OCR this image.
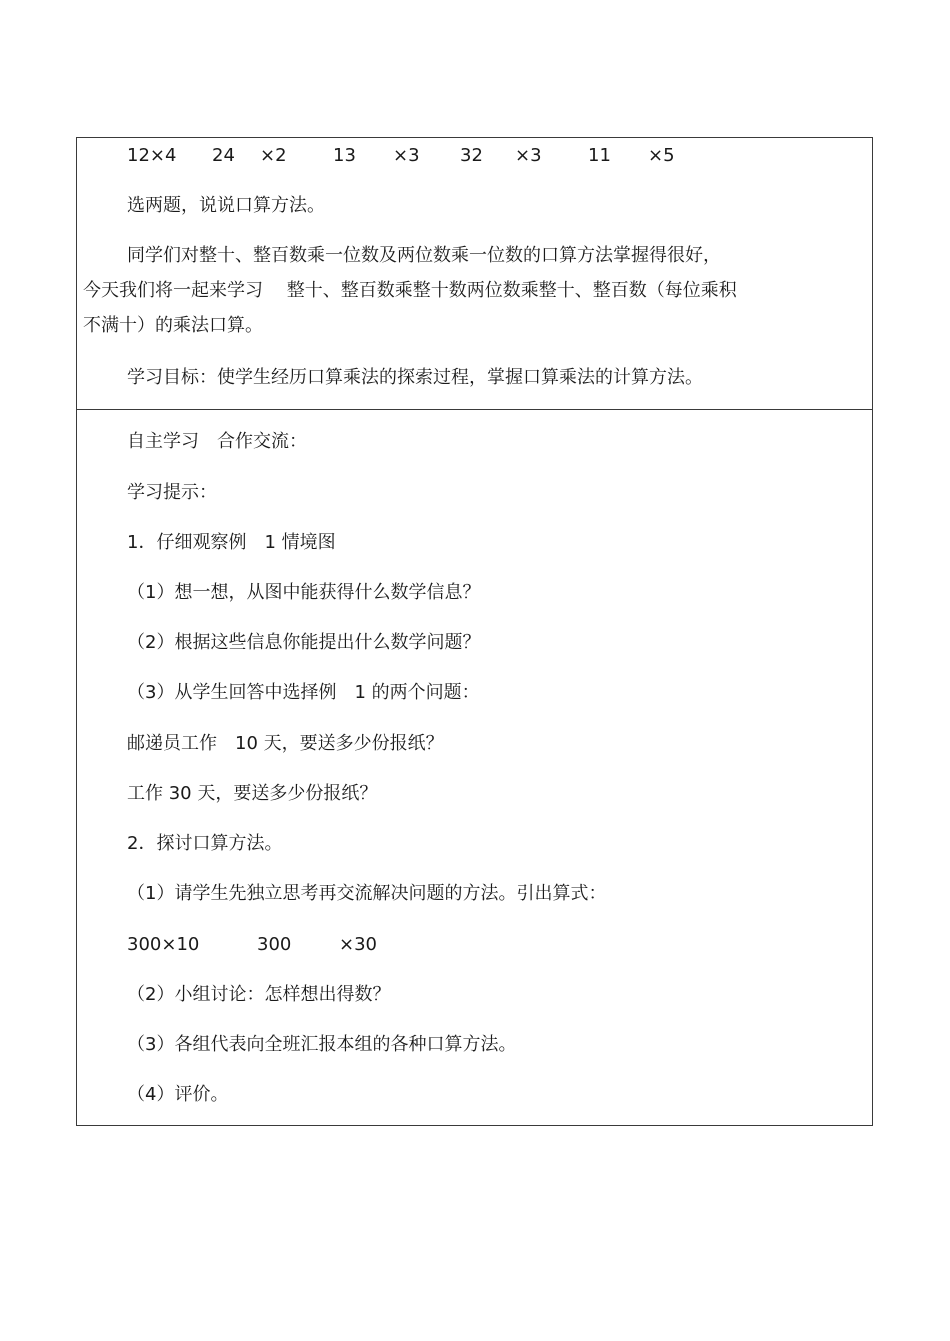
12×4

24

×2

	13

×3

32

×3

	11

×5

选两题，说说口算方法。

同学们对整十、整百数乘一位数及两位数乘一位数的口算方法掌握得很好，

今天我们将一起来学习　 整十、整百数乘整十数两位数乘整十、整百数（每位乘积

不满十）的乘法口算。

学习目标：使学生经历口算乘法的探索过程，掌握口算乘法的计算方法。

自主学习　合作交流：

学习提示：

1．仔细观察例　1 情境图

（1）想一想，从图中能获得什么数学信息？

（2）根据这些信息你能提出什么数学问题？

（3）从学生回答中选择例　1 的两个问题：

邮递员工作　10 天，要送多少份报纸？

工作 30 天，要送多少份报纸？

2．探讨口算方法。

（1）请学生先独立思考再交流解决问题的方法。引出算式：

300×10

	300

	×30

（2）小组讨论：怎样想出得数？

（3）各组代表向全班汇报本组的各种口算方法。

（4）评价。
